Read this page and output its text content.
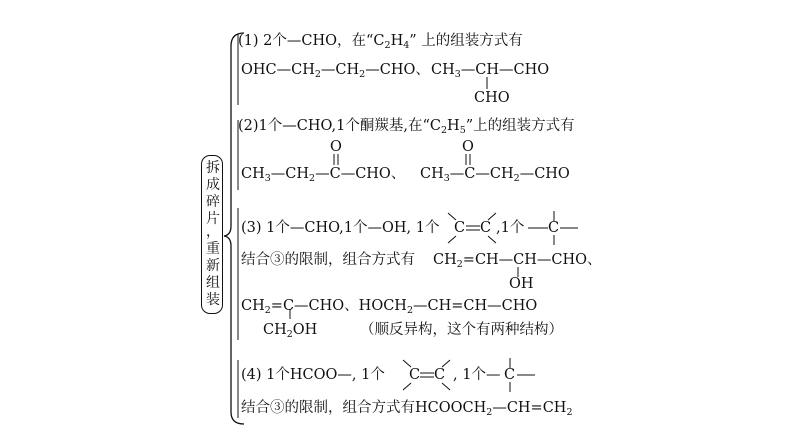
拆
成
碎
片
，
重
新
组
装
(1) 2个—CHO，在“$C_2H_4$” 上的组装方式有
$OHC—CH_2—CH_2—CHO$、 $CH_3—CH—CHO$
CHO
(2)1个—CHO,1个酮羰基,在“$C_2H_5$”上的组装方式有
O	O
$CH_3—CH_2—C—CHO$、 $CH_3—C—CH_2—CHO$
(3) 1个—CHO,1个—OH, 1个 C C ,1个 C
结合③的限制，组合方式有 $CH_2=CH—CH—CHO$、
OH
$CH_2=C—CHO$、$HOCH_2—CH=CH—CHO$
$CH_2OH$	（顺反异构，这个有两种结构）
(4) 1个HCOO—, 1个 C C , 1个— C
结合③的限制，组合方式有$HCOOCH_2—CH=CH_2$
